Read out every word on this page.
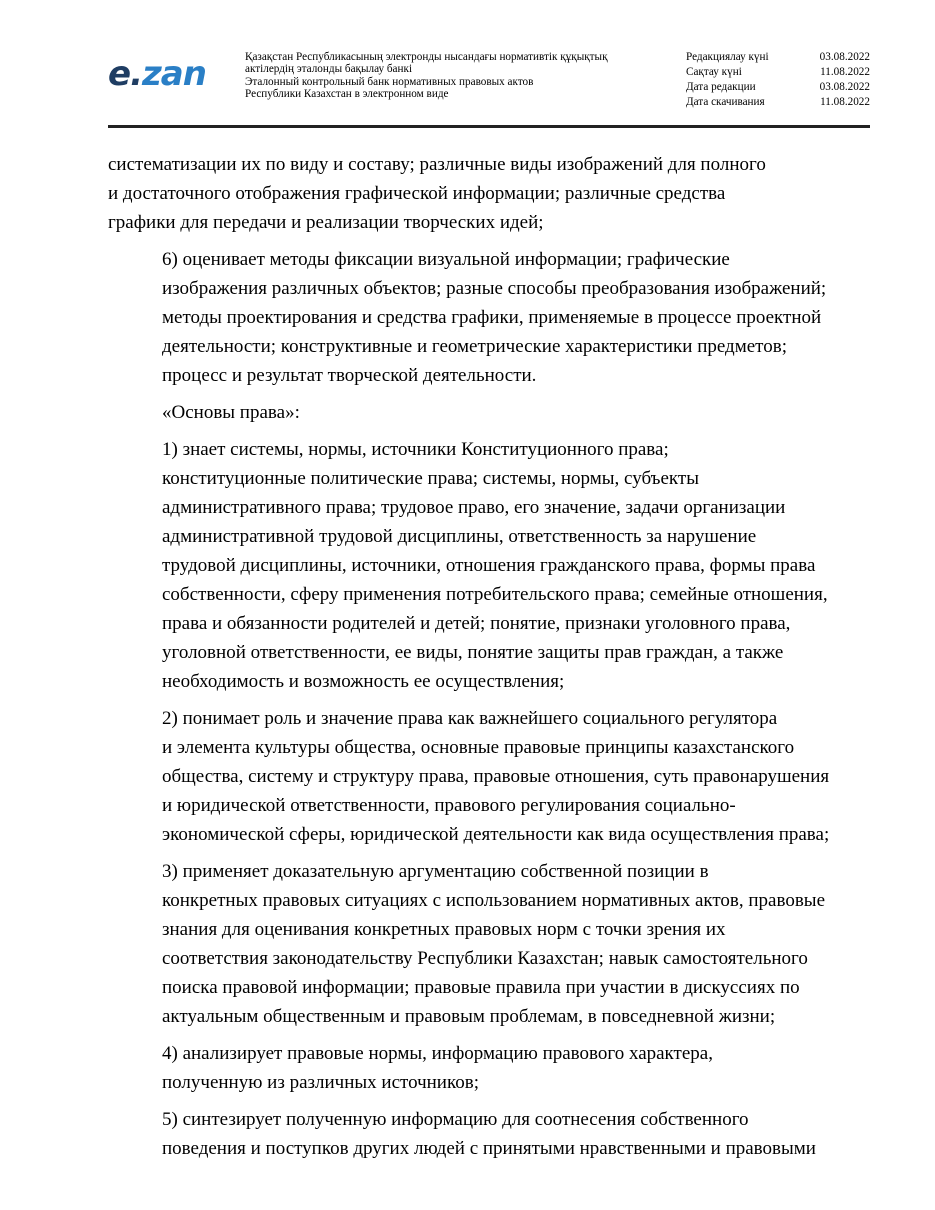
e.zan	Қазақстан Республикасының электронды нысандағы нормативтік құқықтық
актілердің эталонды бақылау банкі
Эталонный контрольный банк нормативных правовых актов
Республики Казахстан в электронном виде
Редакциялау күні	03.08.2022
Сақтау күні	11.08.2022
Дата редакции	03.08.2022
Дата скачивания	11.08.2022

систематизации их по виду и составу; различные виды изображений для полного
и достаточного отображения графической информации; различные средства
графики для передачи и реализации творческих идей;

6) оценивает методы фиксации визуальной информации; графические
изображения различных объектов; разные способы преобразования изображений;
методы проектирования и средства графики, применяемые в процессе проектной
деятельности; конструктивные и геометрические характеристики предметов;
процесс и результат творческой деятельности.

«Основы права»:

1) знает системы, нормы, источники Конституционного права;
конституционные политические права; системы, нормы, субъекты
административного права; трудовое право, его значение, задачи организации
административной трудовой дисциплины, ответственность за нарушение
трудовой дисциплины, источники, отношения гражданского права, формы права
собственности, сферу применения потребительского права; семейные отношения,
права и обязанности родителей и детей; понятие, признаки уголовного права,
уголовной ответственности, ее виды, понятие защиты прав граждан, а также
необходимость и возможность ее осуществления;

2) понимает роль и значение права как важнейшего социального регулятора
и элемента культуры общества, основные правовые принципы казахстанского
общества, систему и структуру права, правовые отношения, суть правонарушения
и юридической ответственности, правового регулирования социально-
экономической сферы, юридической деятельности как вида осуществления права;

3) применяет доказательную аргументацию собственной позиции в
конкретных правовых ситуациях с использованием нормативных актов, правовые
знания для оценивания конкретных правовых норм с точки зрения их
соответствия законодательству Республики Казахстан; навык самостоятельного
поиска правовой информации; правовые правила при участии в дискуссиях по
актуальным общественным и правовым проблемам, в повседневной жизни;

4) анализирует правовые нормы, информацию правового характера,
полученную из различных источников;

5) синтезирует полученную информацию для соотнесения собственного
поведения и поступков других людей с принятыми нравственными и правовыми
